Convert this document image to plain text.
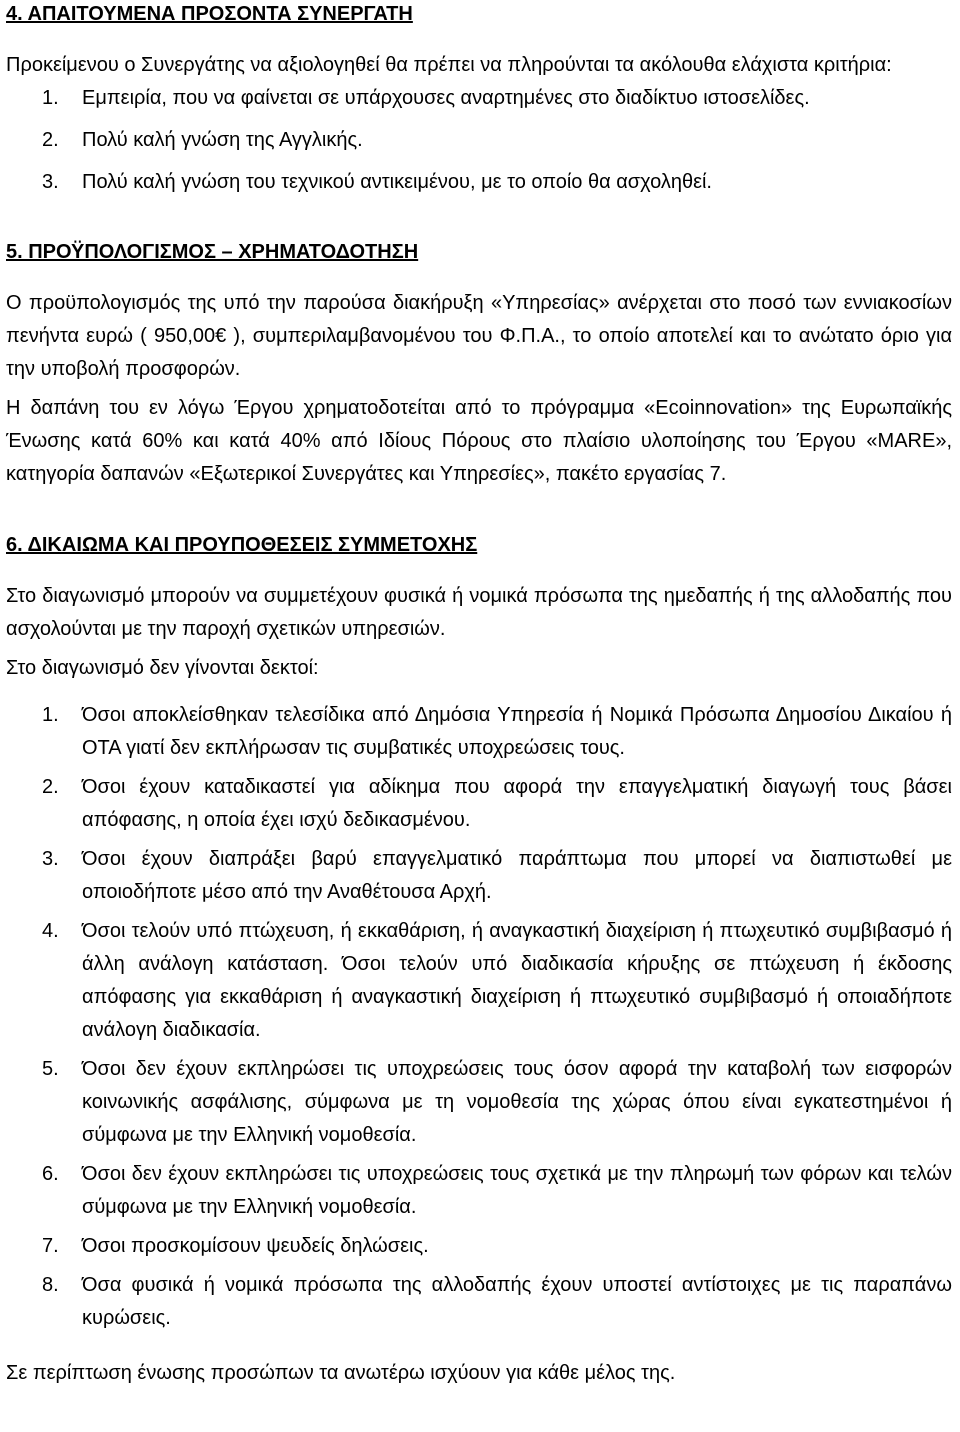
4. ΑΠΑΙΤΟΥΜΕΝΑ ΠΡΟΣΟΝΤΑ ΣΥΝΕΡΓΑΤΗ

Προκείμενου ο Συνεργάτης να αξιολογηθεί θα πρέπει να πληρούνται τα ακόλουθα ελάχιστα κριτήρια:

1. Εμπειρία, που να φαίνεται σε υπάρχουσες αναρτημένες στο διαδίκτυο ιστοσελίδες.
2. Πολύ καλή γνώση της Αγγλικής.
3. Πολύ καλή γνώση του τεχνικού αντικειμένου, με το οποίο θα ασχοληθεί.
5. ΠΡΟΫΠΟΛΟΓΙΣΜΟΣ – ΧΡΗΜΑΤΟΔΟΤΗΣΗ

Ο προϋπολογισμός της υπό την παρούσα διακήρυξη «Υπηρεσίας» ανέρχεται στο ποσό των εννιακοσίων πενήντα ευρώ ( 950,00€ ), συμπεριλαμβανομένου του Φ.Π.Α., το οποίο αποτελεί και το ανώτατο όριο για την υποβολή προσφορών.

Η δαπάνη του εν λόγω Έργου χρηματοδοτείται από το πρόγραμμα «Ecoinnovation» της Ευρωπαϊκής Ένωσης κατά 60% και κατά 40% από Ιδίους Πόρους στο πλαίσιο υλοποίησης του Έργου «MARE», κατηγορία δαπανών «Εξωτερικοί Συνεργάτες και Υπηρεσίες», πακέτο εργασίας 7.

6. ΔΙΚΑΙΩΜΑ ΚΑΙ ΠΡΟΥΠΟΘΕΣΕΙΣ ΣΥΜΜΕΤΟΧΗΣ

Στο διαγωνισμό μπορούν να συμμετέχουν φυσικά ή νομικά πρόσωπα της ημεδαπής ή της αλλοδαπής που ασχολούνται με την παροχή σχετικών υπηρεσιών.

Στο διαγωνισμό δεν γίνονται δεκτοί:

1. Όσοι αποκλείσθηκαν τελεσίδικα από Δημόσια Υπηρεσία ή Νομικά Πρόσωπα Δημοσίου Δικαίου ή ΟΤΑ γιατί δεν εκπλήρωσαν τις συμβατικές υποχρεώσεις τους.
2. Όσοι έχουν καταδικαστεί για αδίκημα που αφορά την επαγγελματική διαγωγή τους βάσει απόφασης, η οποία έχει ισχύ δεδικασμένου.
3. Όσοι έχουν διαπράξει βαρύ επαγγελματικό παράπτωμα που μπορεί να διαπιστωθεί με οποιοδήποτε μέσο από την Αναθέτουσα Αρχή.
4. Όσοι τελούν υπό πτώχευση, ή εκκαθάριση, ή αναγκαστική διαχείριση ή πτωχευτικό συμβιβασμό ή άλλη ανάλογη κατάσταση. Όσοι τελούν υπό διαδικασία κήρυξης σε πτώχευση ή έκδοσης απόφασης για εκκαθάριση ή αναγκαστική διαχείριση ή πτωχευτικό συμβιβασμό ή οποιαδήποτε ανάλογη διαδικασία.
5. Όσοι δεν έχουν εκπληρώσει τις υποχρεώσεις τους όσον αφορά την καταβολή των εισφορών κοινωνικής ασφάλισης, σύμφωνα με τη νομοθεσία της χώρας όπου είναι εγκατεστημένοι ή σύμφωνα με την Ελληνική νομοθεσία.
6. Όσοι δεν έχουν εκπληρώσει τις υποχρεώσεις τους σχετικά με την πληρωμή των φόρων και τελών σύμφωνα με την Ελληνική νομοθεσία.
7. Όσοι προσκομίσουν ψευδείς δηλώσεις.
8. Όσα φυσικά ή νομικά πρόσωπα της αλλοδαπής έχουν υποστεί αντίστοιχες με τις παραπάνω κυρώσεις.

Σε περίπτωση ένωσης προσώπων τα ανωτέρω ισχύουν για κάθε μέλος της.
